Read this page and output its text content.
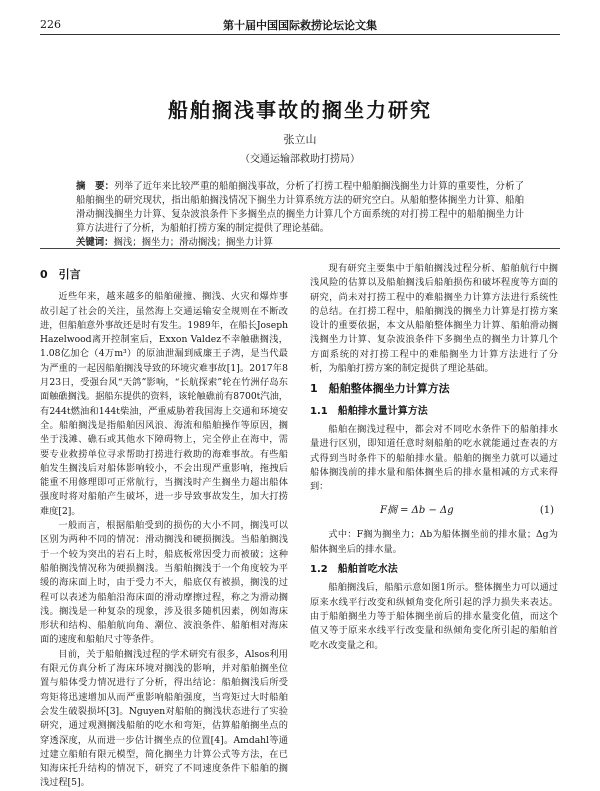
226	第十届中国国际救捞论坛论文集
船舶搁浅事故的搁坐力研究
张立山
（交通运输部救助打捞局）
摘　要：列举了近年来比较严重的船舶搁浅事故，分析了打捞工程中船舶搁浅搁坐力计算的重要性，分析了船舶搁坐的研究现状，指出船舶搁浅情况下搁坐力计算系统方法的研究空白。从船舶整体搁坐力计算、船舶滑动搁浅搁坐力计算、复杂波浪条件下多搁坐点的搁坐力计算几个方面系统的对打捞工程中的船舶搁坐力计算方法进行了分析，为船舶打捞方案的制定提供了理论基础。
关键词：搁浅；搁坐力；滑动搁浅；搁坐力计算
0　引言

近些年来，越来越多的船舶碰撞、搁浅、火灾和爆炸事故引起了社会的关注，虽然海上交通运输安全规则在不断改进，但船舶意外事故还是时有发生。1989年，在船长Joseph Hazelwood离开控制室后，Exxon Valdez不幸触礁搁浅，1.08亿加仑（4万m³）的原油泄漏到威廉王子湾，是当代最为严重的一起因船舶搁浅导致的环境灾难事故[1]。2017年8月23日，受强台风“天鸽”影响，“长航探索”轮在竹洲仔岛东面触礁搁浅。据船东提供的资料，该轮触礁前有8700t汽油，有244t燃油和144t柴油，严重威胁着我国海上交通和环境安全。船舶搁浅是指船舶因风浪、海流和船舶操作等原因，搁坐于浅滩、礁石或其他水下障碍物上，完全停止在海中，需要专业救捞单位寻求帮助打捞进行救助的海难事故。有些船舶发生搁浅后对船体影响较小，不会出现严重影响，拖拽后能重不用修理即可正常航行，当搁浅时产生搁坐力超出船体强度时将对船舶产生破坏，进一步导致事故发生，加大打捞难度[2]。

一般而言，根据船舶受到的损伤的大小不同，搁浅可以区别为两种不同的情况：滑动搁浅和硬损搁浅。当船舶搁浅于一个较为突出的岩石上时，船底板常因受力而被破；这种船舶搁浅情况称为硬损搁浅。当船舶搁浅于一个角度较为平缓的海床面上时，由于受力不大，船底仅有被损，搁浅的过程可以表述为船舶沿海床面的滑动摩擦过程，称之为滑动搁浅。搁浅是一种复杂的现象，涉及很多随机因素，例如海床形状和结构、船舶航向角、潮位、波浪条件、船舶相对海床面的速度和船舶尺寸等条件。

目前，关于船舶搁浅过程的学术研究有很多，Alsos利用有限元仿真分析了海床环境对搁浅的影响，并对船舶搁坐位置与船体受力情况进行了分析，得出结论：船舶搁浅后所受弯矩将迅速增加从而严重影响船舶强度，当弯矩过大时船舶会发生破裂损坏[3]。Nguyen对船舶的搁浅状态进行了实验研究，通过观测搁浅船舶的吃水和弯矩，估算船舶搁坐点的穿透深度，从而进一步估计搁坐点的位置[4]。Amdahl等通过建立船舶有限元模型，简化搁坐力计算公式等方法，在已知海床托升结构的情况下，研究了不同速度条件下船舶的搁浅过程[5]。

现有研究主要集中于船舶搁浅过程分析、船舶航行中搁浅风险的估算以及船舶搁浅后船舶损伤和破坏程度等方面的研究，尚未对打捞工程中的难船搁坐力计算方法进行系统性的总结。在打捞工程中，船舶搁浅的搁坐力计算是打捞方案设计的重要依据，本文从船舶整体搁坐力计算、船舶滑动搁浅搁坐力计算、复杂波浪条件下多搁坐点的搁坐力计算几个方面系统的对打捞工程中的难船搁坐力计算方法进行了分析，为船舶打捞方案的制定提供了理论基础。

1　船舶整体搁坐力计算方法
1.1　船舶排水量计算方法

船舶在搁浅过程中，都会对不同吃水条件下的船舶排水量进行区别，即知道任意时刻船舶的吃水就能通过查表的方式得到当时条件下的船舶排水量。船舶的搁坐力就可以通过船体搁浅前的排水量和船体搁坐后的排水量相减的方式来得到：

F搁 = Δb − Δg	(1)

式中：F搁为搁坐力；Δb为船体搁坐前的排水量；Δg为船体搁坐后的排水量。

1.2　船舶首吃水法

船舶搁浅后，船船示意如图1所示。整体搁坐力可以通过原来水线平行改变和纵倾角变化所引起的浮力损失来表达。由于船舶搁坐力等于船体搁坐前后的排水量变化值，而这个值又等于原来水线平行改变量和纵倾角变化所引起的船舶首吃水改变量之和。
